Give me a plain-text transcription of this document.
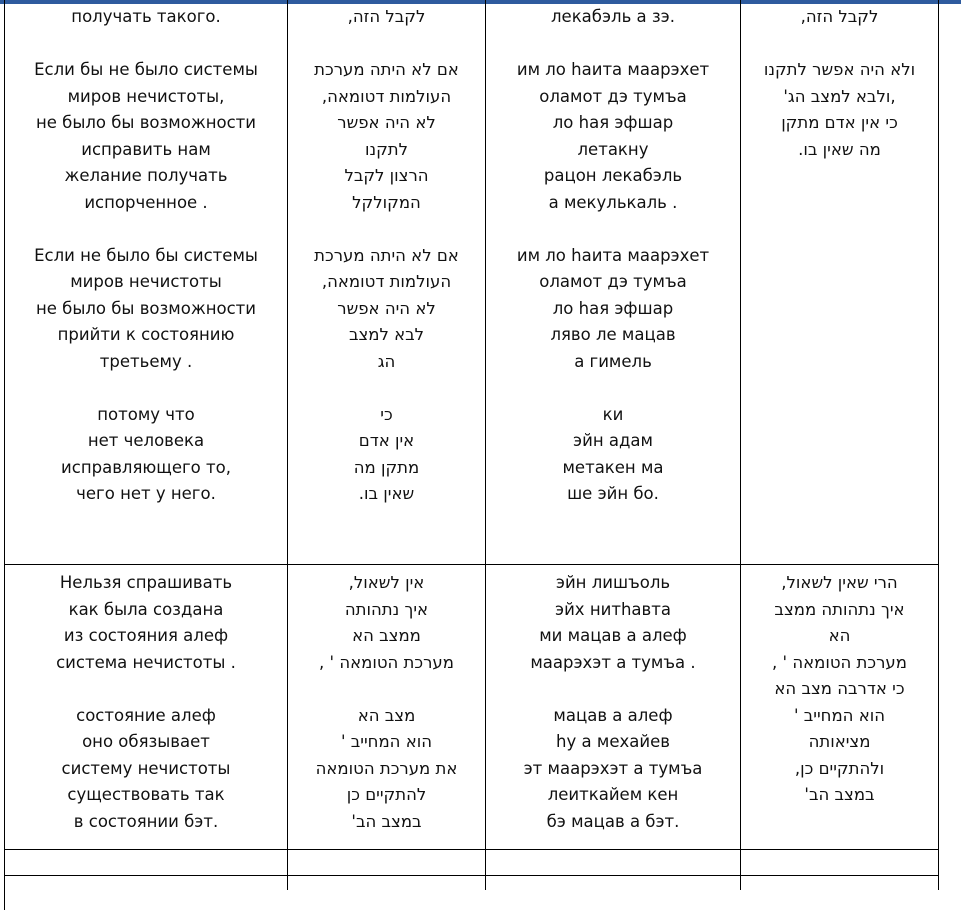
получать такого.

Если бы не было системы
миров нечистоты,
не было бы возможности
исправить нам
желание получать
испорченное .

Если не было бы системы
миров нечистоты
не было бы возможности
прийти к состоянию
третьему .

потому что
нет человека
исправляющего то,
чего нет у него.
,לקבל הזה

אם לא היתה מערכת
,העולמות דטומאה
לא היה אפשר
לתקנו
הרצון לקבל
המקולקל

אם לא היתה מערכת
,העולמות דטומאה
לא היה אפשר
לבא למצב
הג

כי
אין אדם
מתקן מה
.שאין בו
лекабэль а зэ.

им ло hаита маарэхет
оламот дэ тумъа
ло haя эфшар
летакну
рацон лекабэль
а мекулькаль .

им ло hаита маарэхет
оламот дэ тумъа
ло hая эфшар
ляво ле мацав
а гимель

ки
эйн адам
метакен ма
ше эйн бо.
,לקבל הזה

ולא היה אפשר לתקנו
'ולבא למצב הג,
כי אין אדם מתקן
.מה שאין בו
Нельзя спрашивать
как была создана
из состояния алеф
система нечистоты .

состояние алеф
оно обязывает
систему нечистоты
существовать так
в состоянии бэт.
,אין לשאול
איך נתהותה
ממצב הא
, ' מערכת הטומאה

מצב הא
' הוא המחייב
את מערכת הטומאה
להתקיים כן
'במצב הב
эйн лишъоль
эйх нитhавта
ми мацав а алеф
маарэхэт а тумъа .

мацав а алеф
hу а мехайев
эт маарэхэт а тумъа
леиткайем кен
бэ мацав а бэт.
,הרי שאין לשאול
איך נתהותה ממצב
הא
, ' מערכת הטומאה
כי אדרבה מצב הא
' הוא המחייב
מציאותה
,ולהתקיים כן
'במצב הב
